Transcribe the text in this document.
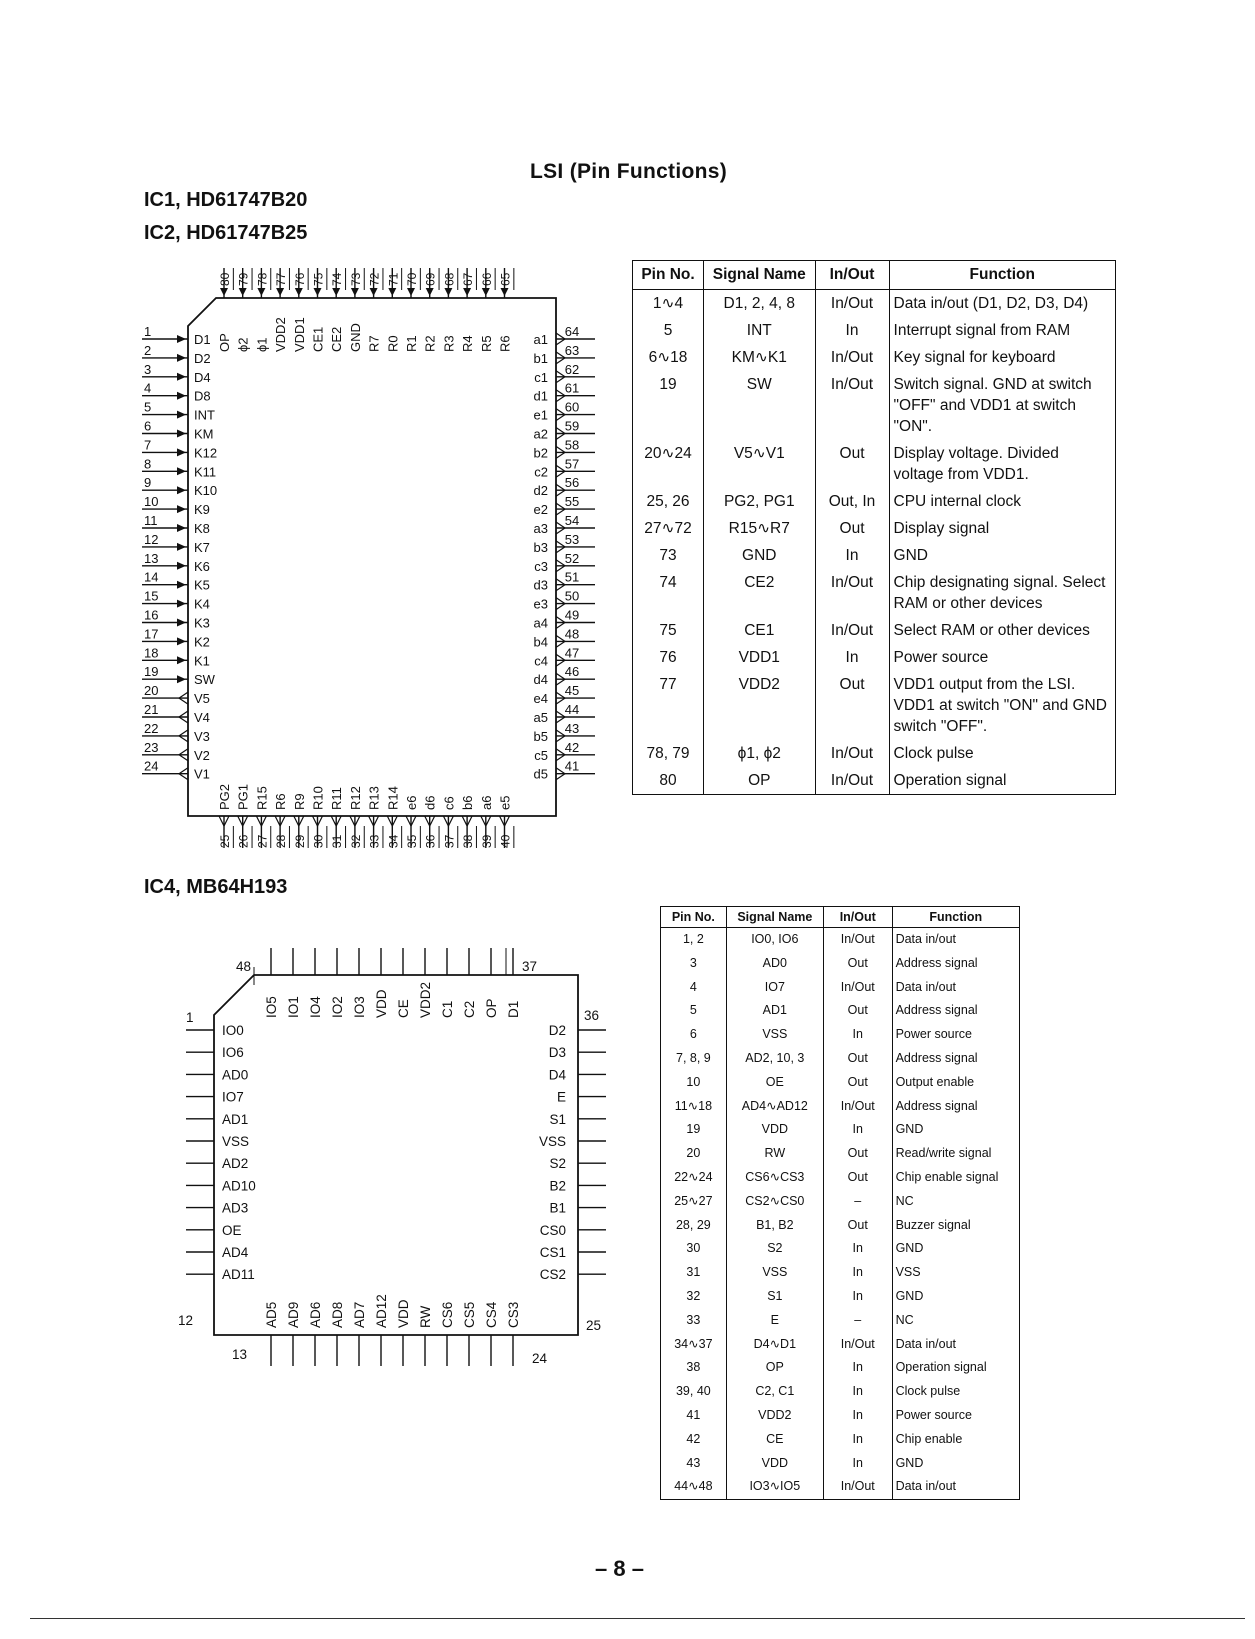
LSI (Pin Functions)
IC1, HD61747B20
IC2, HD61747B25
IC4, MB64H193
1
D1
64
a1
2
D2
63
b1
3
D4
62
c1
4
D8
61
d1
5
INT
60
e1
6
KM
59
a2
7
K12
58
b2
8
K11
57
c2
9
K10
56
d2
10
K9
55
e2
11
K8
54
a3
12
K7
53
b3
13
K6
52
c3
14
K5
51
d3
15
K4
50
e3
16
K3
49
a4
17
K2
48
b4
18
K1
47
c4
19
SW
46
d4
20
V5
45
e4
21
V4
44
a5
22
V3
43
b5
23
V2
42
c5
24
V1
41
d5
80
OP
25
PG2
79
ϕ2
26
PG1
78
ϕ1
27
R15
77
VDD2
28
R6
76
VDD1
29
R9
75
CE1
30
R10
74
CE2
31
R11
73
GND
32
R12
72
R7
33
R13
71
R0
34
R14
70
R1
35
e6
69
R2
36
d6
68
R3
37
c6
67
R4
38
b6
66
R5
39
a6
65
R6
40
e5
IO0	D2
IO6	D3
AD0	D4
IO7	E
AD1	S1
VSS	VSS
AD2	S2
AD10	B2
AD3	B1
OE	CS0
AD4	CS1
AD11	CS2
IO5
AD5
IO1
AD9
IO4
AD6
IO2
AD8
IO3
AD7
VDD
AD12
CE
VDD
VDD2
RW
C1
CS6
C2
CS5
OP
CS4
D1
CS3
48	37
1	36
12	25
13	24
Pin No.	Signal Name	In/Out	Function
1∿4	D1, 2, 4, 8	In/Out	Data in/out (D1, D2, D3, D4)
5	INT	In	Interrupt signal from RAM
6∿18	KM∿K1	In/Out	Key signal for keyboard
19	SW	In/Out	Switch signal. GND at switch "OFF" and VDD1 at switch "ON".
20∿24	V5∿V1	Out	Display voltage. Divided voltage from VDD1.
25, 26	PG2, PG1	Out, In	CPU internal clock
27∿72	R15∿R7	Out	Display signal
73	GND	In	GND
74	CE2	In/Out	Chip designating signal. Select RAM or other devices
75	CE1	In/Out	Select RAM or other devices
76	VDD1	In	Power source
77	VDD2	Out	VDD1 output from the LSI. VDD1 at switch "ON" and GND switch "OFF".
78, 79	ϕ1, ϕ2	In/Out	Clock pulse
80	OP	In/Out	Operation signal
Pin No.	Signal Name	In/Out	Function
1, 2	IO0, IO6	In/Out	Data in/out
3	AD0	Out	Address signal
4	IO7	In/Out	Data in/out
5	AD1	Out	Address signal
6	VSS	In	Power source
7, 8, 9	AD2, 10, 3	Out	Address signal
10	OE	Out	Output enable
11∿18	AD4∿AD12	In/Out	Address signal
19	VDD	In	GND
20	RW	Out	Read/write signal
22∿24	CS6∿CS3	Out	Chip enable signal
25∿27	CS2∿CS0	–	NC
28, 29	B1, B2	Out	Buzzer signal
30	S2	In	GND
31	VSS	In	VSS
32	S1	In	GND
33	E	–	NC
34∿37	D4∿D1	In/Out	Data in/out
38	OP	In	Operation signal
39, 40	C2, C1	In	Clock pulse
41	VDD2	In	Power source
42	CE	In	Chip enable
43	VDD	In	GND
44∿48	IO3∿IO5	In/Out	Data in/out
– 8 –
